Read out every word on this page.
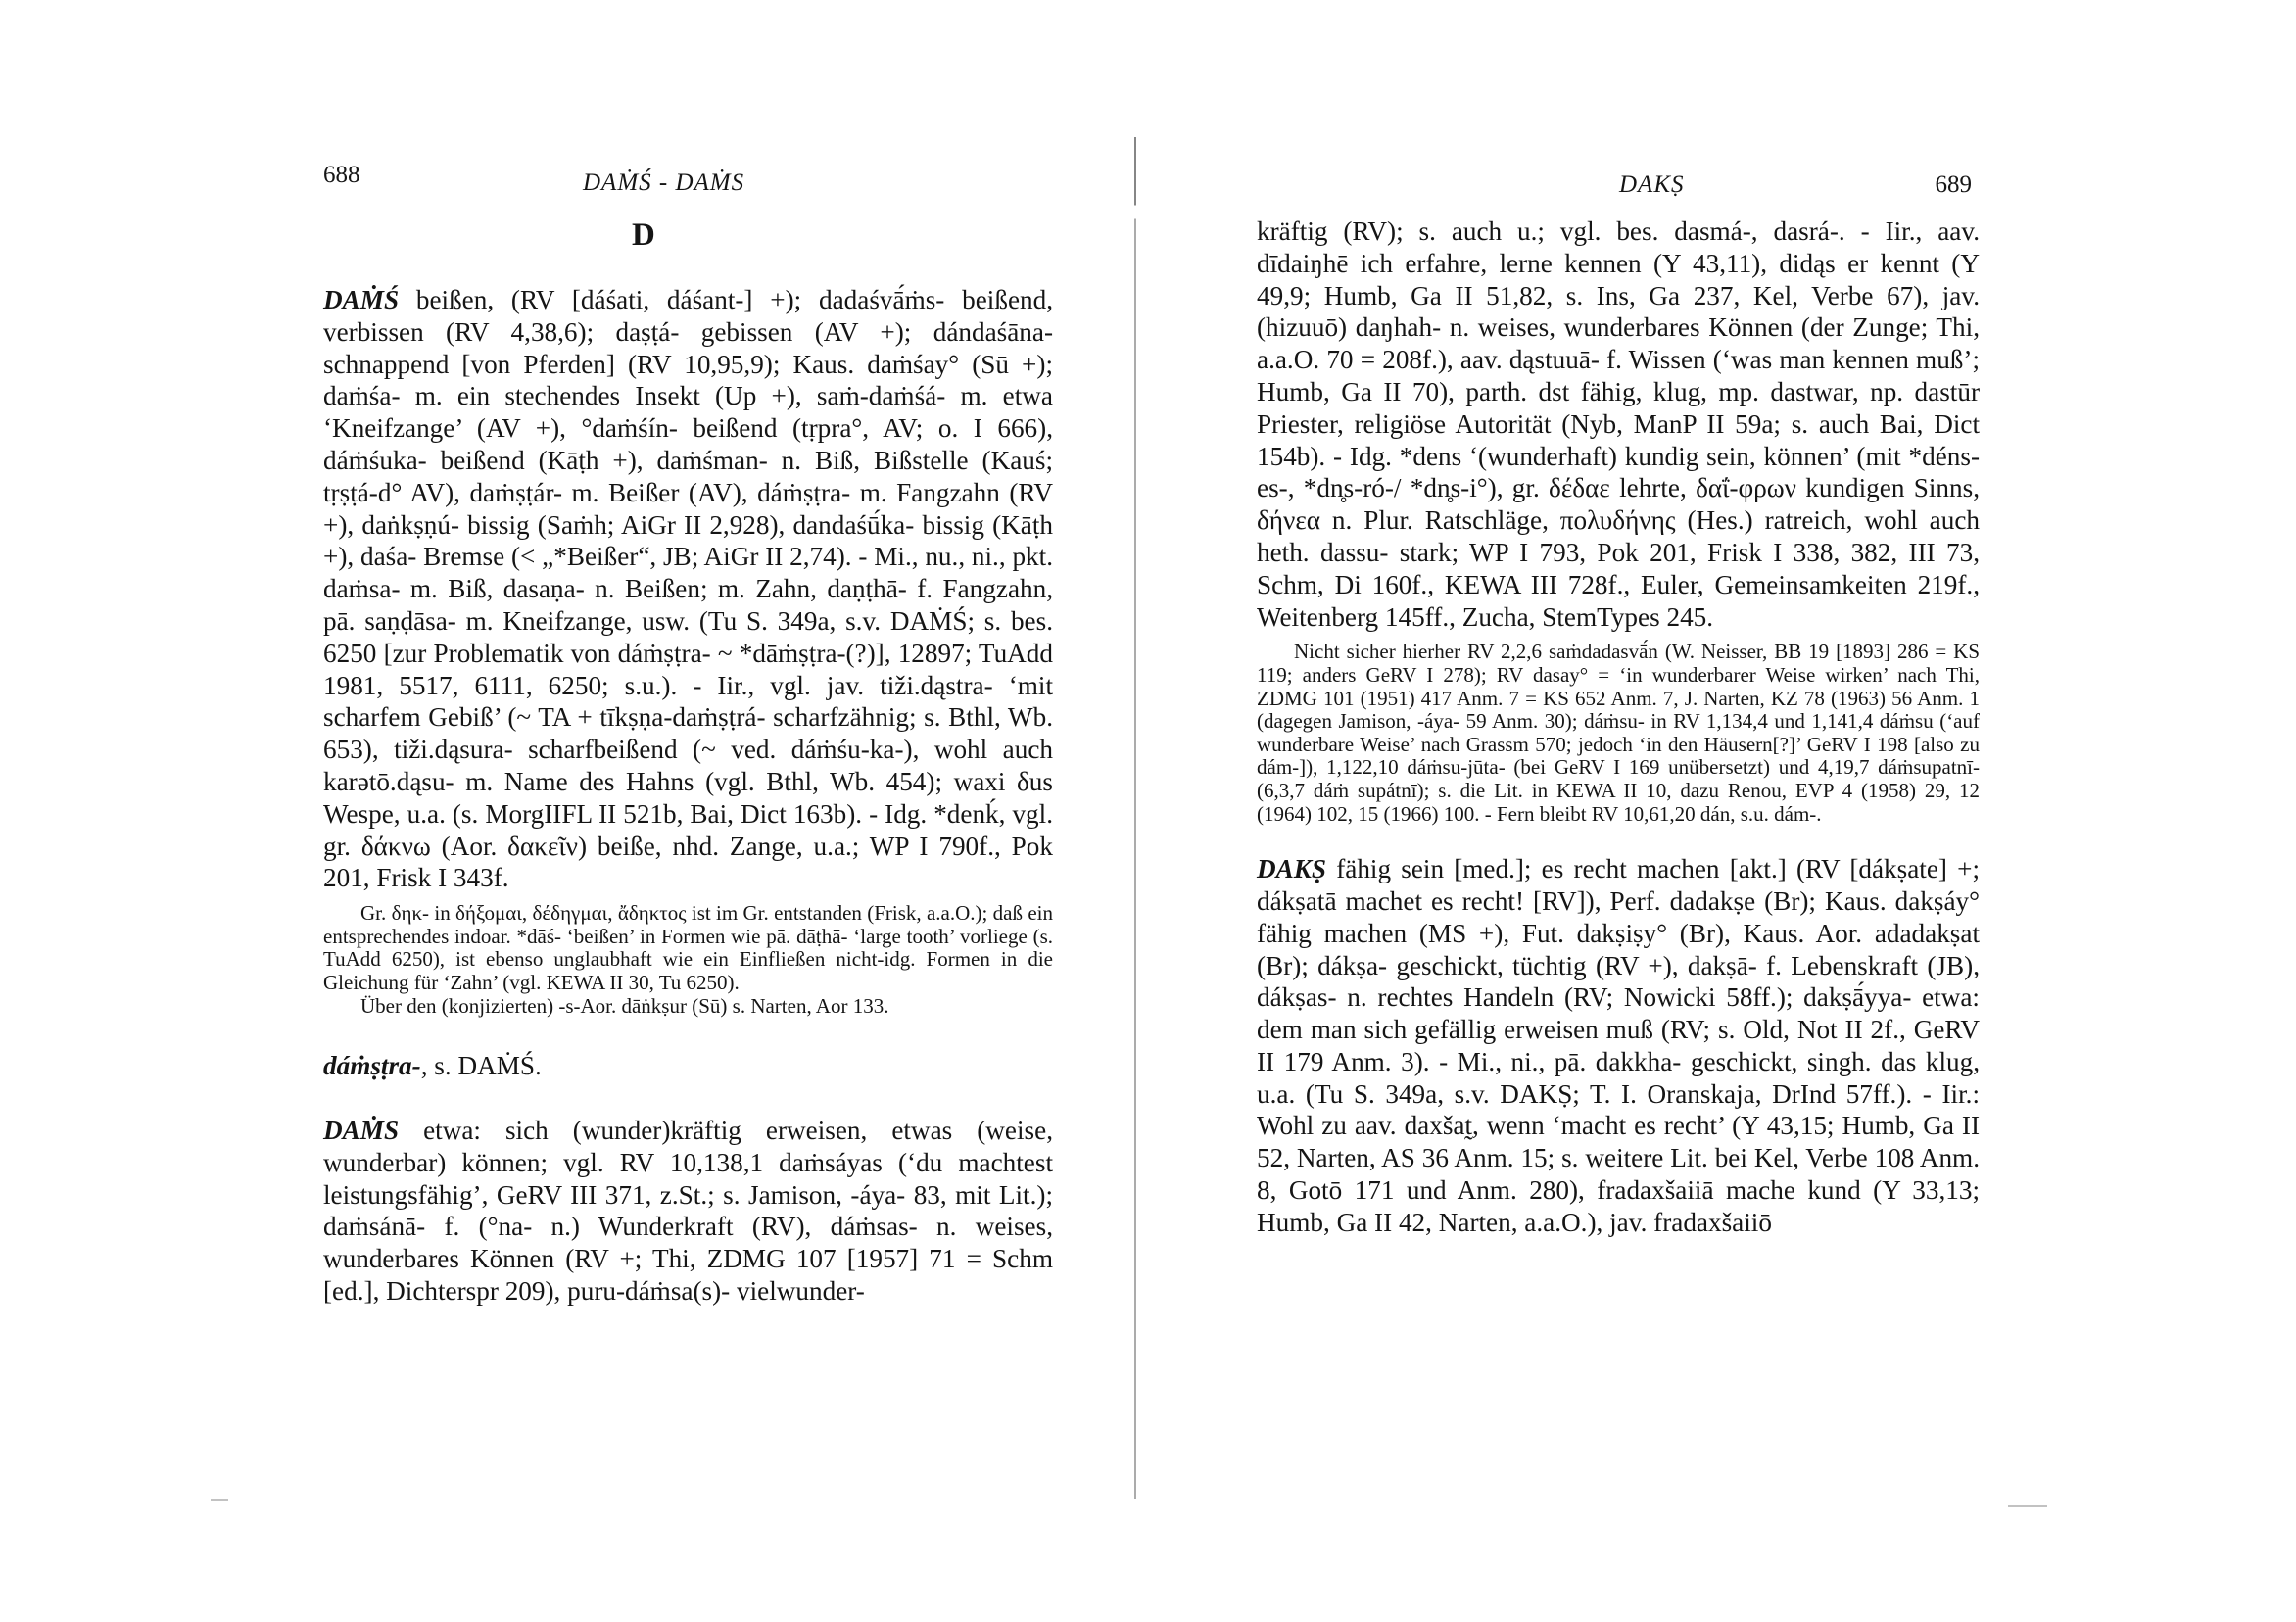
688	DAṀŚ - DAṀS
D

DAṀŚ beißen, (RV [dáśati, dáśant-] +); dadaśvā́ṁs- beißend, verbissen (RV 4,38,6); daṣṭá- gebissen (AV +); dándaśāna- schnappend [von Pferden] (RV 10,95,9); Kaus. daṁśay° (Sū +); daṁśa- m. ein stechendes Insekt (Up +), saṁ-daṁśá- m. etwa ‘Kneifzange’ (AV +), °daṁśín- beißend (tṛpra°, AV; o. I 666), dáṁśuka- beißend (Kāṭh +), daṁśman- n. Biß, Bißstelle (Kauś; tṛṣṭá-d° AV), daṁṣṭár- m. Beißer (AV), dáṁṣṭra- m. Fangzahn (RV +), daṅkṣṇú- bissig (Saṁh; AiGr II 2,928), dandaśū́ka- bissig (Kāṭh +), daśa- Bremse (< „*Beißer“, JB; AiGr II 2,74). - Mi., nu., ni., pkt. daṁsa- m. Biß, dasaṇa- n. Beißen; m. Zahn, daṇṭhā- f. Fangzahn, pā. saṇḍāsa- m. Kneifzange, usw. (Tu S. 349a, s.v. DAṀŚ; s. bes. 6250 [zur Problematik von dáṁṣṭra- ~ *dāṁṣṭra-(?)], 12897; TuAdd 1981, 5517, 6111, 6250; s.u.). - Iir., vgl. jav. tiži.dąstra- ‘mit scharfem Gebiß’ (~ TA + tīkṣṇa-daṁṣṭrá- scharfzähnig; s. Bthl, Wb. 653), tiži.dąsura- scharfbeißend (~ ved. dáṁśu-ka-), wohl auch karətō.dąsu- m. Name des Hahns (vgl. Bthl, Wb. 454); waxi δus Wespe, u.a. (s. MorgIIFL II 521b, Bai, Dict 163b). - Idg. *denḱ, vgl. gr. δάκνω (Aor. δακεῖν) beiße, nhd. Zange, u.a.; WP I 790f., Pok 201, Frisk I 343f.

Gr. δηκ- in δήξομαι, δέδηγμαι, ἄδηκτος ist im Gr. entstanden (Frisk, a.a.O.); daß ein entsprechendes indoar. *dāś- ‘beißen’ in Formen wie pā. dāṭhā- ‘large tooth’ vorliege (s. TuAdd 6250), ist ebenso unglaubhaft wie ein Einfließen nicht-idg. Formen in die Gleichung für ‘Zahn’ (vgl. KEWA II 30, Tu 6250).

Über den (konjizierten) -s-Aor. dāṅkṣur (Sū) s. Narten, Aor 133.

dáṁṣṭra-, s. DAṀŚ.

DAṀS etwa: sich (wunder)kräftig erweisen, etwas (weise, wunderbar) können; vgl. RV 10,138,1 daṁsáyas (‘du machtest leistungsfähig’, GeRV III 371, z.St.; s. Jamison, -áya- 83, mit Lit.); daṁsánā- f. (°na- n.) Wunderkraft (RV), dáṁsas- n. weises, wunderbares Können (RV +; Thi, ZDMG 107 [1957] 71 = Schm [ed.], Dichterspr 209), puru-dáṁsa(s)- vielwunder-

DAKṢ	689

kräftig (RV); s. auch u.; vgl. bes. dasmá-, dasrá-. - Iir., aav. dīdaiŋhē ich erfahre, lerne kennen (Y 43,11), didąs er kennt (Y 49,9; Humb, Ga II 51,82, s. Ins, Ga 237, Kel, Verbe 67), jav. (hizuuō) daŋhah- n. weises, wunderbares Können (der Zunge; Thi, a.a.O. 70 = 208f.), aav. dąstuuā- f. Wissen (‘was man kennen muß’; Humb, Ga II 70), parth. dst fähig, klug, mp. dastwar, np. dastūr Priester, religiöse Autorität (Nyb, ManP II 59a; s. auch Bai, Dict 154b). - Idg. *dens ‘(wunderhaft) kundig sein, können’ (mit *déns-es-, *dn̥s-ró-/ *dn̥s-i°), gr. δέδαε lehrte, δαΐ-φρων kundigen Sinns, δήνεα n. Plur. Ratschläge, πολυδήνης (Hes.) ratreich, wohl auch heth. dassu- stark; WP I 793, Pok 201, Frisk I 338, 382, III 73, Schm, Di 160f., KEWA III 728f., Euler, Gemeinsamkeiten 219f., Weitenberg 145ff., Zucha, StemTypes 245.

Nicht sicher hierher RV 2,2,6 saṁdadasvā́n (W. Neisser, BB 19 [1893] 286 = KS 119; anders GeRV I 278); RV dasay° = ‘in wunderbarer Weise wirken’ nach Thi, ZDMG 101 (1951) 417 Anm. 7 = KS 652 Anm. 7, J. Narten, KZ 78 (1963) 56 Anm. 1 (dagegen Jamison, -áya- 59 Anm. 30); dáṁsu- in RV 1,134,4 und 1,141,4 dáṁsu (‘auf wunderbare Weise’ nach Grassm 570; jedoch ‘in den Häusern[?]’ GeRV I 198 [also zu dám-]), 1,122,10 dáṁsu-jūta- (bei GeRV I 169 unübersetzt) und 4,19,7 dáṁsupatnī- (6,3,7 dáṁ supátnī); s. die Lit. in KEWA II 10, dazu Renou, EVP 4 (1958) 29, 12 (1964) 102, 15 (1966) 100. - Fern bleibt RV 10,61,20 dán, s.u. dám-.

DAKṢ fähig sein [med.]; es recht machen [akt.] (RV [dákṣate] +; dákṣatā machet es recht! [RV]), Perf. dadakṣe (Br); Kaus. dakṣáy° fähig machen (MS +), Fut. dakṣiṣy° (Br), Kaus. Aor. adadakṣat (Br); dákṣa- geschickt, tüchtig (RV +), dakṣā- f. Lebenskraft (JB), dákṣas- n. rechtes Handeln (RV; Nowicki 58ff.); dakṣā́yya- etwa: dem man sich gefällig erweisen muß (RV; s. Old, Not II 2f., GeRV II 179 Anm. 3). - Mi., ni., pā. dakkha- geschickt, singh. das klug, u.a. (Tu S. 349a, s.v. DAKṢ; T. I. Oranskaja, DrInd 57ff.). - Iir.: Wohl zu aav. daxšat̰, wenn ‘macht es recht’ (Y 43,15; Humb, Ga II 52, Narten, AS 36 Anm. 15; s. weitere Lit. bei Kel, Verbe 108 Anm. 8, Gotō 171 und Anm. 280), fradaxšaiiā mache kund (Y 33,13; Humb, Ga II 42, Narten, a.a.O.), jav. fradaxšaiiō
